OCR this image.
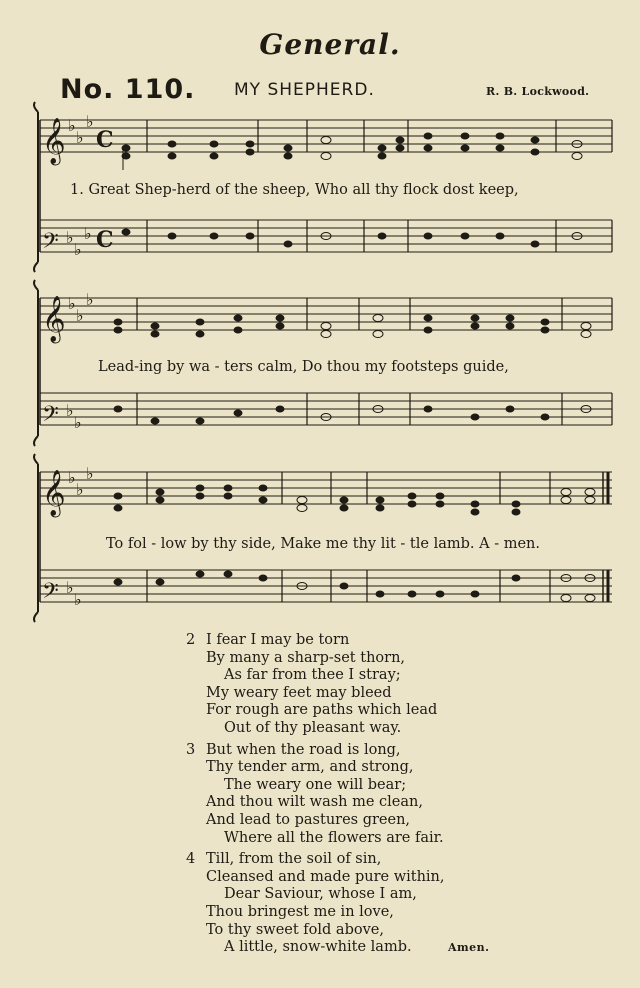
General.
No. 110. MY SHEPHERD.	R. B. Lockwood.
𝄞
𝄢
𝄞
𝄢
𝄞
𝄢
♭
♭
♭
♭
♭
♭
♭
♭
♭
♭
♭
♭
♭
♭
♭
♭
C
C
1. Great Shep-herd of the sheep, Who all thy flock dost keep,
Lead-ing by wa - ters calm, Do thou my footsteps guide,
To fol - low by thy side, Make me thy lit - tle lamb. A - men.
2 I fear I may be torn
By many a sharp-set thorn,
As far from thee I stray;
My weary feet may bleed
For rough are paths which lead
Out of thy pleasant way.
3 But when the road is long,
Thy tender arm, and strong,
The weary one will bear;
And thou wilt wash me clean,
And lead to pastures green,
Where all the flowers are fair.
4 Till, from the soil of sin,
Cleansed and made pure within,
Dear Saviour, whose I am,
Thou bringest me in love,
To thy sweet fold above,
A little, snow-white lamb.	Amen.
